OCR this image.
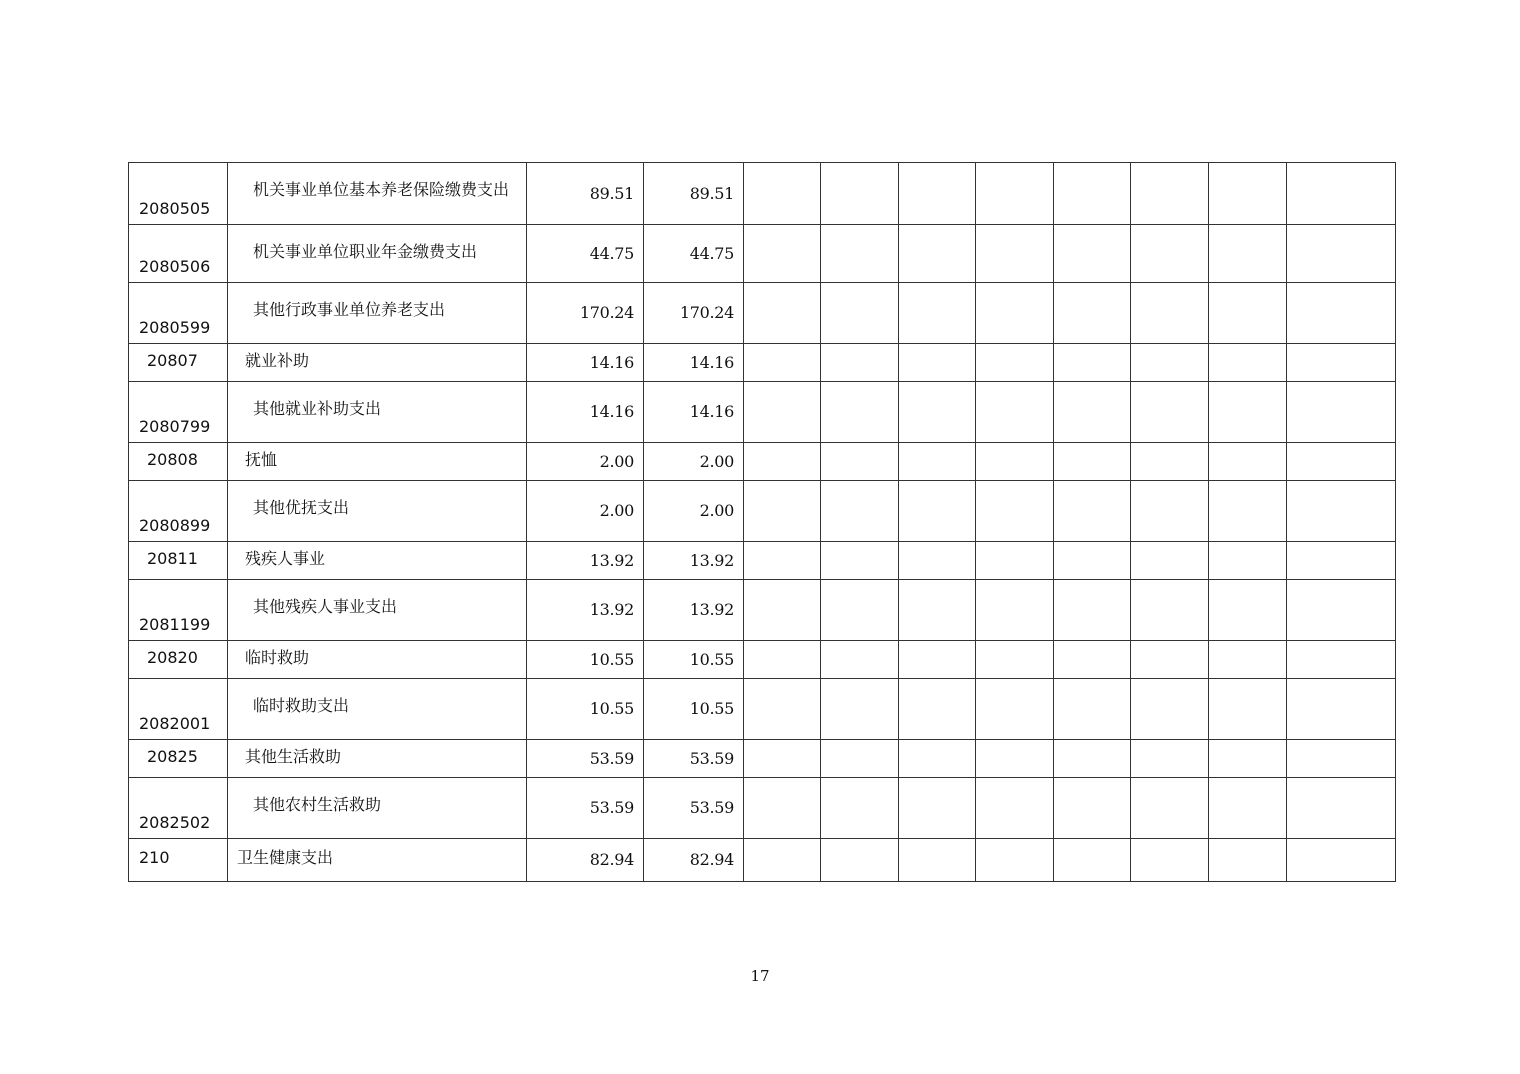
2080505	机关事业单位基本养老保险缴费支出	89.51	89.51								
2080506	机关事业单位职业年金缴费支出	44.75	44.75								
2080599	其他行政事业单位养老支出	170.24	170.24								
20807	就业补助	14.16	14.16								
2080799	其他就业补助支出	14.16	14.16								
20808	抚恤	2.00	2.00								
2080899	其他优抚支出	2.00	2.00								
20811	残疾人事业	13.92	13.92								
2081199	其他残疾人事业支出	13.92	13.92								
20820	临时救助	10.55	10.55								
2082001	临时救助支出	10.55	10.55								
20825	其他生活救助	53.59	53.59								
2082502	其他农村生活救助	53.59	53.59								
210	卫生健康支出	82.94	82.94								
17
